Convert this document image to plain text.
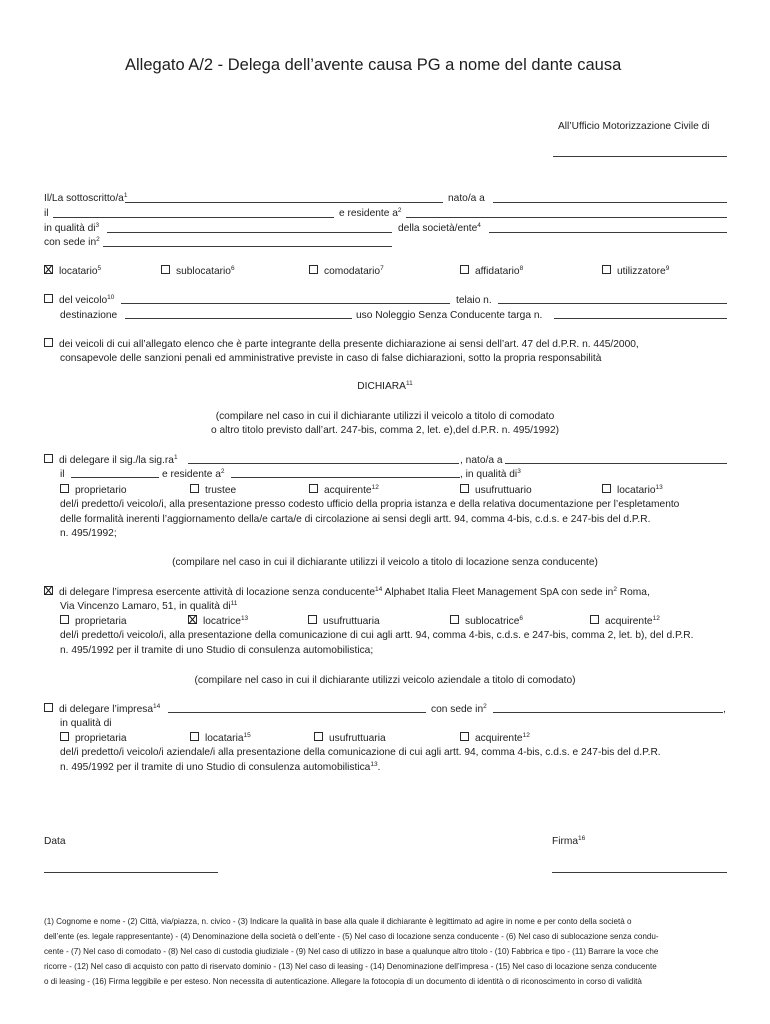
Allegato A/2 - Delega dell’avente causa PG a nome del dante causa
All’Ufficio Motorizzazione Civile di
Il/La sottoscritto/$a^1$	nato/a a
il	e residente $a^2$
in qualità $di^3$	della società/ente$^4$
con sede $in^2$
locatario$^5$	sublocatario$^6$	comodatario$^7$	affidatario$^8$	utilizzatore$^9$
del veicolo$^{10}$	telaio n.
destinazione	uso Noleggio Senza Conducente targa n.
dei veicoli di cui all’allegato elenco che è parte integrante della presente dichiarazione ai sensi dell’art. 47 del d.P.R. n. 445/2000,
consapevole delle sanzioni penali ed amministrative previste in caso di false dichiarazioni, sotto la propria responsabilità
DICHIARA$^{11}$
(compilare nel caso in cui il dichiarante utilizzi il veicolo a titolo di comodato
o altro titolo previsto dall’art. 247-bis, comma 2, let. e),del d.P.R. n. 495/1992)
di delegare il sig./la $sig.ra^1$	, nato/a a
il	e residente $a^2$	, in qualità $di^3$
proprietario	trustee	acquirente$^{12}$	usufruttuario	locatario$^{13}$
del/i predetto/i veicolo/i, alla presentazione presso codesto ufficio della propria istanza e della relativa documentazione per l’espletamento
delle formalità inerenti l’aggiornamento della/e carta/e di circolazione ai sensi degli artt. 94, comma 4-bis, c.d.s. e 247-bis del d.P.R.
n. 495/1992;
(compilare nel caso in cui il dichiarante utilizzi il veicolo a titolo di locazione senza conducente)
di delegare l’impresa esercente attività di locazione senza conducente$^{14}$ Alphabet Italia Fleet Management SpA con sede $in^2$ Roma,
Via Vincenzo Lamaro, 51, in qualità $di^{11}$
proprietaria	locatrice$^{13}$	usufruttuaria	sublocatrice$^6$	acquirente$^{12}$
del/i predetto/i veicolo/i, alla presentazione della comunicazione di cui agli artt. 94, comma 4-bis, c.d.s. e 247-bis, comma 2, let. b), del d.P.R.
n. 495/1992 per il tramite di uno Studio di consulenza automobilistica;
(compilare nel caso in cui il dichiarante utilizzi veicolo aziendale a titolo di comodato)
di delegare l’impresa$^{14}$	con sede $in^2$	,
in qualità di
proprietaria	locataria$^{15}$	usufruttuaria	acquirente$^{12}$
del/i predetto/i veicolo/i aziendale/i alla presentazione della comunicazione di cui agli artt. 94, comma 4-bis, c.d.s. e 247-bis del d.P.R.
n. 495/1992 per il tramite di uno Studio di consulenza automobilistica$^{13}$.
Data	Firma$^{16}$
(1) Cognome e nome - (2) Città, via/piazza, n. civico - (3) Indicare la qualità in base alla quale il dichiarante è legittimato ad agire in nome e per conto della società o
dell’ente (es. legale rappresentante) - (4) Denominazione della società o dell’ente - (5) Nel caso di locazione senza conducente - (6) Nel caso di sublocazione senza condu-
cente - (7) Nel caso di comodato - (8) Nel caso di custodia giudiziale - (9) Nel caso di utilizzo in base a qualunque altro titolo - (10) Fabbrica e tipo - (11) Barrare la voce che
ricorre - (12) Nel caso di acquisto con patto di riservato dominio - (13) Nel caso di leasing - (14) Denominazione dell’impresa - (15) Nel caso di locazione senza conducente
o di leasing - (16) Firma leggibile e per esteso. Non necessita di autenticazione. Allegare la fotocopia di un documento di identità o di riconoscimento in corso di validità
